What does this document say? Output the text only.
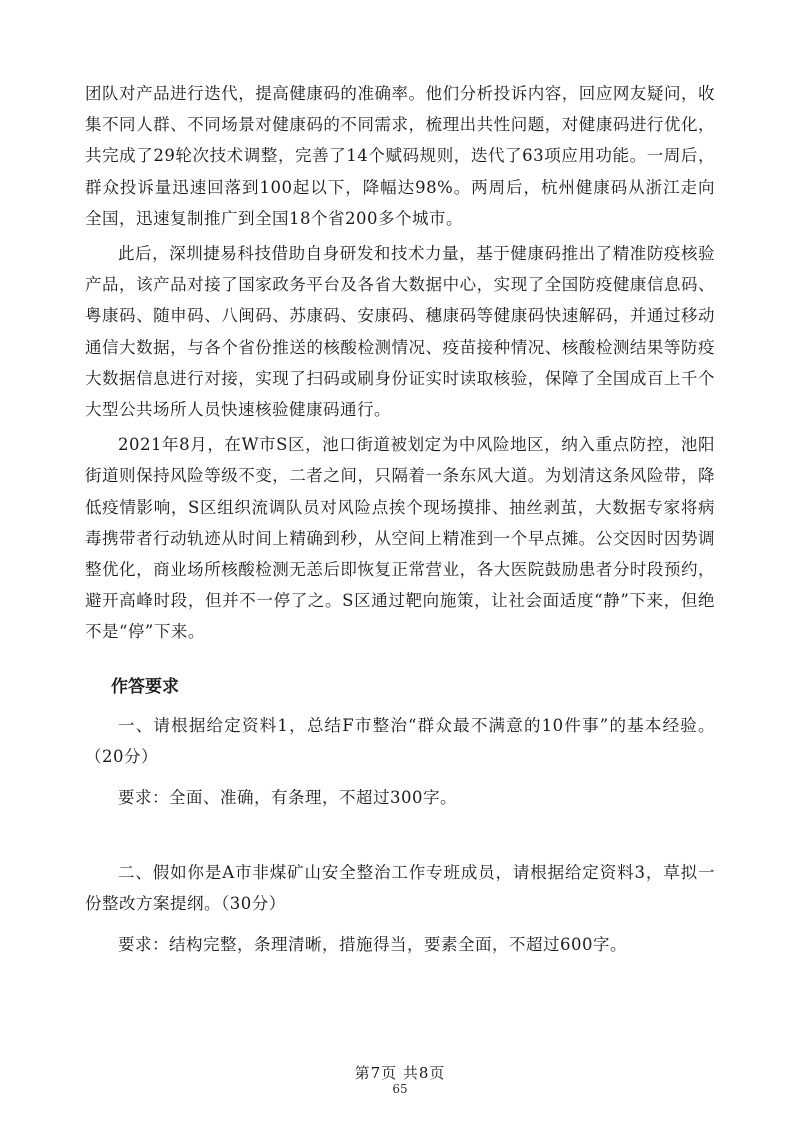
团队对产品进行迭代，提高健康码的准确率。他们分析投诉内容，回应网友疑问，收集不同人群、不同场景对健康码的不同需求，梳理出共性问题，对健康码进行优化，共完成了29轮次技术调整，完善了14个赋码规则，迭代了63项应用功能。一周后，群众投诉量迅速回落到100起以下，降幅达98%。两周后，杭州健康码从浙江走向全国，迅速复制推广到全国18个省200多个城市。

此后，深圳捷易科技借助自身研发和技术力量，基于健康码推出了精准防疫核验产品，该产品对接了国家政务平台及各省大数据中心，实现了全国防疫健康信息码、粤康码、随申码、八闽码、苏康码、安康码、穗康码等健康码快速解码，并通过移动通信大数据，与各个省份推送的核酸检测情况、疫苗接种情况、核酸检测结果等防疫大数据信息进行对接，实现了扫码或刷身份证实时读取核验，保障了全国成百上千个大型公共场所人员快速核验健康码通行。

2021年8月，在W市S区，池口街道被划定为中风险地区，纳入重点防控，池阳街道则保持风险等级不变，二者之间，只隔着一条东风大道。为划清这条风险带，降低疫情影响，S区组织流调队员对风险点挨个现场摸排、抽丝剥茧，大数据专家将病毒携带者行动轨迹从时间上精确到秒，从空间上精准到一个早点摊。公交因时因势调整优化，商业场所核酸检测无恙后即恢复正常营业，各大医院鼓励患者分时段预约，避开高峰时段，但并不一停了之。S区通过靶向施策，让社会面适度“静”下来，但绝不是“停”下来。

作答要求

一、请根据给定资料1，总结F市整治“群众最不满意的10件事”的基本经验。（20分）

要求：全面、准确，有条理，不超过300字。

二、假如你是A市非煤矿山安全整治工作专班成员，请根据给定资料3，草拟一份整改方案提纲。（30分）

要求：结构完整，条理清晰，措施得当，要素全面，不超过600字。

第7页 共8页
65
